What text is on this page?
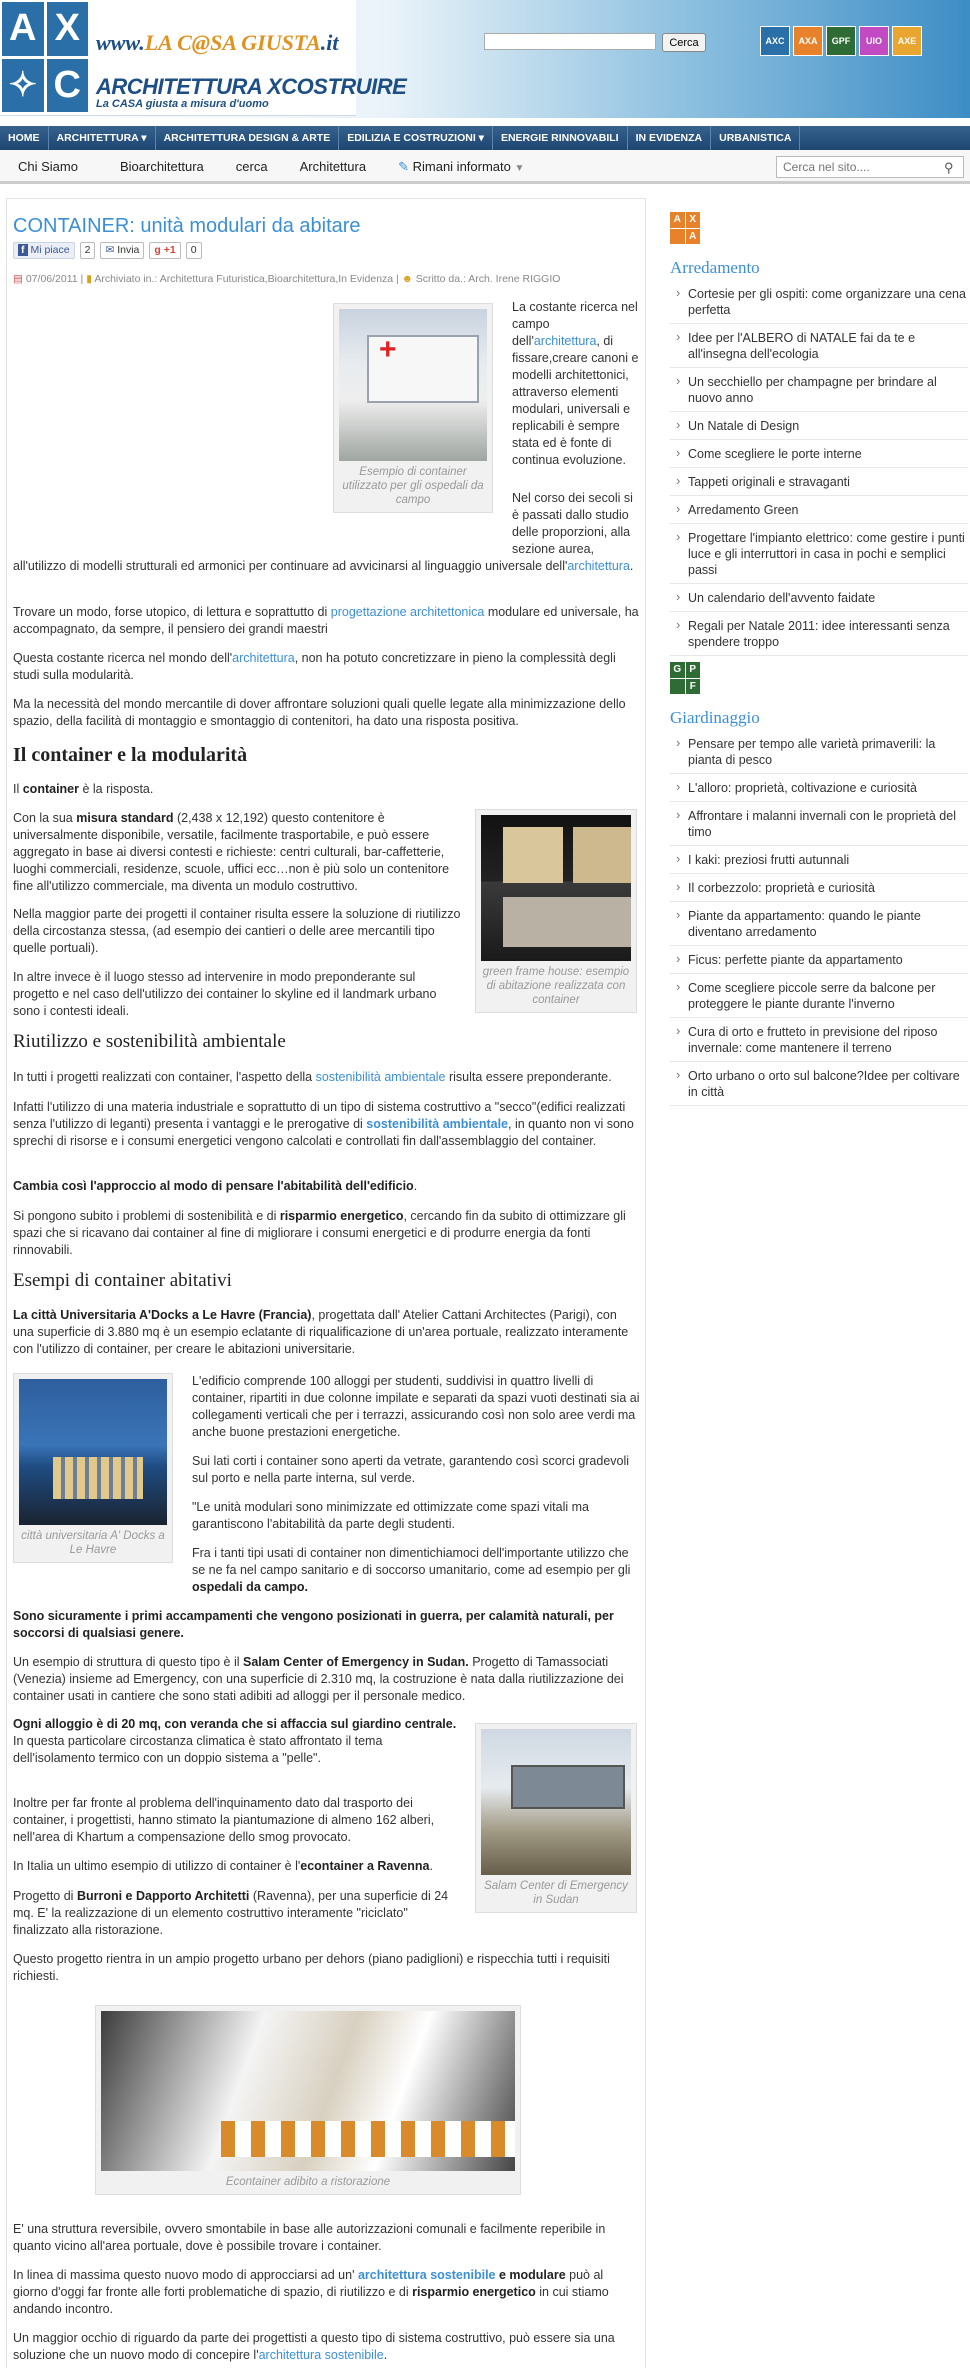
A X
✧ C
www.LA C@SA GIUSTA.it
ARCHITETTURA XCOSTRUIRE
La CASA giusta a misura d'uomo
Cerca	AXC	AXA	GPF	UIO	AXE
HOME	ARCHITETTURA ▾	ARCHITETTURA DESIGN & ARTE	EDILIZIA E COSTRUZIONI ▾	ENERGIE RINNOVABILI	IN EVIDENZA	URBANISTICA
Chi Siamo	Bioarchitettura	cerca	Architettura	✎ Rimani informato ▼
Cerca nel sito....	⚲
CONTAINER: unità modulari da abitare
f Mi piace	2	✉ Invia	g +1	0
▤ 07/06/2011 | ▮ Archiviato in.: Architettura Futuristica,Bioarchitettura,In Evidenza | ☻ Scritto da.: Arch. Irene RIGGIO
+
Esempio di container utilizzato per gli ospedali da campo

La costante ricerca nel campo dell'architettura, di fissare,creare canoni e modelli architettonici, attraverso elementi modulari, universali e replicabili è sempre stata ed è fonte di continua evoluzione.

Nel corso dei secoli si è passati dallo studio delle proporzioni, alla sezione aurea,

all'utilizzo di modelli strutturali ed armonici per continuare ad avvicinarsi al linguaggio universale dell'architettura.

Trovare un modo, forse utopico, di lettura e soprattutto di progettazione architettonica modulare ed universale, ha accompagnato, da sempre, il pensiero dei grandi maestri

Questa costante ricerca nel mondo dell'architettura, non ha potuto concretizzare in pieno la complessità degli studi sulla modularità.

Ma la necessità del mondo mercantile di dover affrontare soluzioni quali quelle legate alla minimizzazione dello spazio, della facilità di montaggio e smontaggio di contenitori, ha dato una risposta positiva.

Il container e la modularità

Il container è la risposta.

green frame house: esempio di abitazione realizzata con container

Con la sua misura standard (2,438 x 12,192) questo contenitore è universalmente disponibile, versatile, facilmente trasportabile, e può essere aggregato in base ai diversi contesti e richieste: centri culturali, bar-caffetterie, luoghi commerciali, residenze, scuole, uffici ecc…non è più solo un contenitore fine all'utilizzo commerciale, ma diventa un modulo costruttivo.

Nella maggior parte dei progetti il container risulta essere la soluzione di riutilizzo della circostanza stessa, (ad esempio dei cantieri o delle aree mercantili tipo quelle portuali).

In altre invece è il luogo stesso ad intervenire in modo preponderante sul progetto e nel caso dell'utilizzo dei container lo skyline ed il landmark urbano sono i contesti ideali.

Riutilizzo e sostenibilità ambientale

In tutti i progetti realizzati con container, l'aspetto della sostenibilità ambientale risulta essere preponderante.

Infatti l'utilizzo di una materia industriale e soprattutto di un tipo di sistema costruttivo a "secco"(edifici realizzati senza l'utilizzo di leganti) presenta i vantaggi e le prerogative di sostenibilità ambientale, in quanto non vi sono sprechi di risorse e i consumi energetici vengono calcolati e controllati fin dall'assemblaggio del container.

Cambia così l'approccio al modo di pensare l'abitabilità dell'edificio.

Si pongono subito i problemi di sostenibilità e di risparmio energetico, cercando fin da subito di ottimizzare gli spazi che si ricavano dai container al fine di migliorare i consumi energetici e di produrre energia da fonti rinnovabili.

Esempi di container abitativi

La città Universitaria A'Docks a Le Havre (Francia), progettata dall' Atelier Cattani Architectes (Parigi), con una superficie di 3.880 mq è un esempio eclatante di riqualificazione di un'area portuale, realizzato interamente con l'utilizzo di container, per creare le abitazioni universitarie.

città universitaria A' Docks a Le Havre

L'edificio comprende 100 alloggi per studenti, suddivisi in quattro livelli di container, ripartiti in due colonne impilate e separati da spazi vuoti destinati sia ai collegamenti verticali che per i terrazzi, assicurando così non solo aree verdi ma anche buone prestazioni energetiche.

Sui lati corti i container sono aperti da vetrate, garantendo così scorci gradevoli sul porto e nella parte interna, sul verde.

"Le unità modulari sono minimizzate ed ottimizzate come spazi vitali ma garantiscono l'abitabilità da parte degli studenti.

Fra i tanti tipi usati di container non dimentichiamoci dell'importante utilizzo che se ne fa nel campo sanitario e di soccorso umanitario, come ad esempio per gli ospedali da campo.

Sono sicuramente i primi accampamenti che vengono posizionati in guerra, per calamità naturali, per soccorsi di qualsiasi genere.

Un esempio di struttura di questo tipo è il Salam Center of Emergency in Sudan. Progetto di Tamassociati (Venezia) insieme ad Emergency, con una superficie di 2.310 mq, la costruzione è nata dalla riutilizzazione dei container usati in cantiere che sono stati adibiti ad alloggi per il personale medico.

Salam Center di Emergency in Sudan

Ogni alloggio è di 20 mq, con veranda che si affaccia sul giardino centrale.
In questa particolare circostanza climatica è stato affrontato il tema dell'isolamento termico con un doppio sistema a "pelle".

Inoltre per far fronte al problema dell'inquinamento dato dal trasporto dei container, i progettisti, hanno stimato la piantumazione di almeno 162 alberi, nell'area di Khartum a compensazione dello smog provocato.

In Italia un ultimo esempio di utilizzo di container è l'econtainer a Ravenna.

Progetto di Burroni e Dapporto Architetti (Ravenna), per una superficie di 24 mq. E' la realizzazione di un elemento costruttivo interamente "riciclato" finalizzato alla ristorazione.

Questo progetto rientra in un ampio progetto urbano per dehors (piano padiglioni) e rispecchia tutti i requisiti richiesti.

Econtainer adibito a ristorazione

E' una struttura reversibile, ovvero smontabile in base alle autorizzazioni comunali e facilmente reperibile in quanto vicino all'area portuale, dove è possibile trovare i container.

In linea di massima questo nuovo modo di approcciarsi ad un' architettura sostenibile e modulare può al giorno d'oggi far fronte alle forti problematiche di spazio, di riutilizzo e di risparmio energetico in cui stiamo andando incontro.

Un maggior occhio di riguardo da parte dei progettisti a questo tipo di sistema costruttivo, può essere sia una soluzione che un nuovo modo di concepire l'architettura sostenibile.

A X
A
Arredamento
› Cortesie per gli ospiti: come organizzare una cena perfetta
› Idee per l'ALBERO di NATALE fai da te e all'insegna dell'ecologia
› Un secchiello per champagne per brindare al nuovo anno
› Un Natale di Design
› Come scegliere le porte interne
› Tappeti originali e stravaganti
› Arredamento Green
› Progettare l'impianto elettrico: come gestire i punti luce e gli interruttori in casa in pochi e semplici passi
› Un calendario dell'avvento faidate
› Regali per Natale 2011: idee interessanti senza spendere troppo
G P
F
Giardinaggio
› Pensare per tempo alle varietà primaverili: la pianta di pesco
› L'alloro: proprietà, coltivazione e curiosità
› Affrontare i malanni invernali con le proprietà del timo
› I kaki: preziosi frutti autunnali
› Il corbezzolo: proprietà e curiosità
› Piante da appartamento: quando le piante diventano arredamento
› Ficus: perfette piante da appartamento
› Come scegliere piccole serre da balcone per proteggere le piante durante l'inverno
› Cura di orto e frutteto in previsione del riposo invernale: come mantenere il terreno
› Orto urbano o orto sul balcone?Idee per coltivare in città
